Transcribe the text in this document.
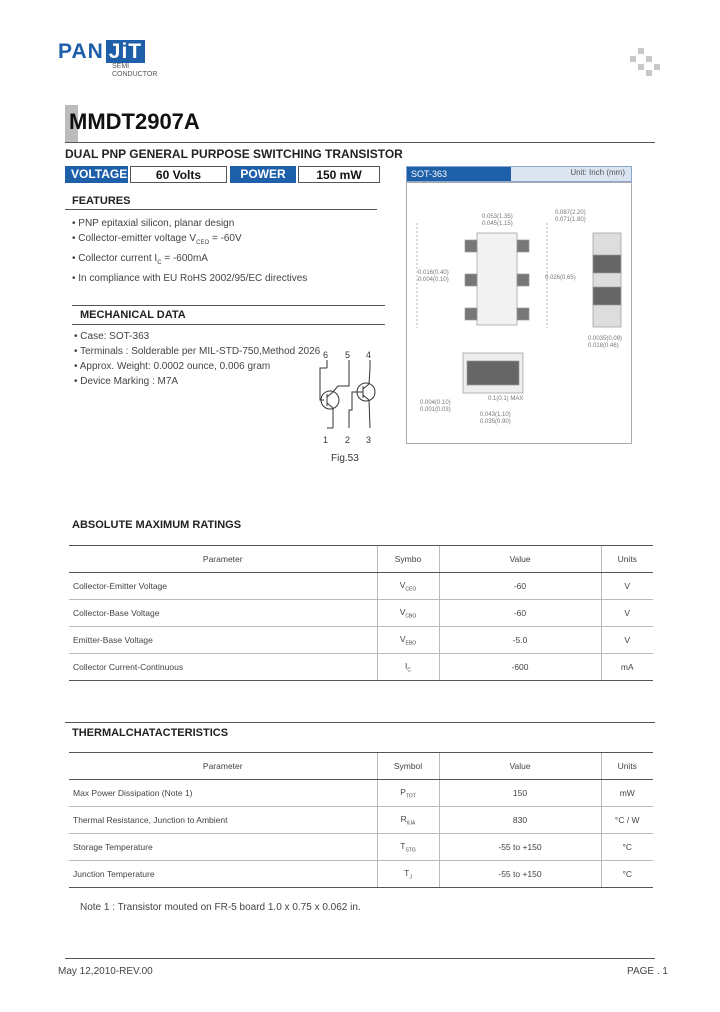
PAN JiT
SEMI
CONDUCTOR
MMDT2907A
DUAL PNP GENERAL PURPOSE SWITCHING TRANSISTOR
VOLTAGE	60 Volts	POWER	150 mW
FEATURES
• PNP epitaxial silicon, planar design
• Collector-emitter voltage $V_{CEO} = -60V$
• Collector current $I_C = -600mA$
• In compliance with EU RoHS 2002/95/EC directives
MECHANICAL DATA
• Case: SOT-363
• Terminals : Solderable per MIL-STD-750,Method 2026
• Approx. Weight: 0.0002 ounce, 0.006 gram
• Device Marking : M7A
6 5 4
1 2 3
Fig.53
SOT-363	Unit: Inch (mm)
0.053(1.35)
0.045(1.15)
0.087(2.20)
0.071(1.80)
0.016(0.40)
0.004(0.10)	0.026(0.65)
0.0035(0.09)
0.018(0.46)
0.1(0.1) MAX
0.004(0.10)
0.001(0.03)
0.043(1.10)
0.035(0.90)
ABSOLUTE MAXIMUM RATINGS
Parameter	Symbo	Value	Units
Collector-Emitter Voltage	$V_{CEO}$	-60	V
Collector-Base Voltage	$V_{CBO}$	-60	V
Emitter-Base Voltage	$V_{EBO}$	-5.0	V
Collector Current-Continuous	$I_C$	-600	mA
THERMALCHATACTERISTICS
Parameter	Symbol	Value	Units
Max Power Dissipation (Note 1)	$P_{TOT}$	150	mW
Thermal Resistance, Junction to Ambient	$R_{\theta JA}$	830	°C / W
Storage Temperature	$T_{STG}$	-55 to +150	°C
Junction Temperature	$T_J$	-55 to +150	°C
Note 1 : Transistor mouted on FR-5 board 1.0 x 0.75 x 0.062 in.
May 12,2010-REV.00	PAGE . 1
